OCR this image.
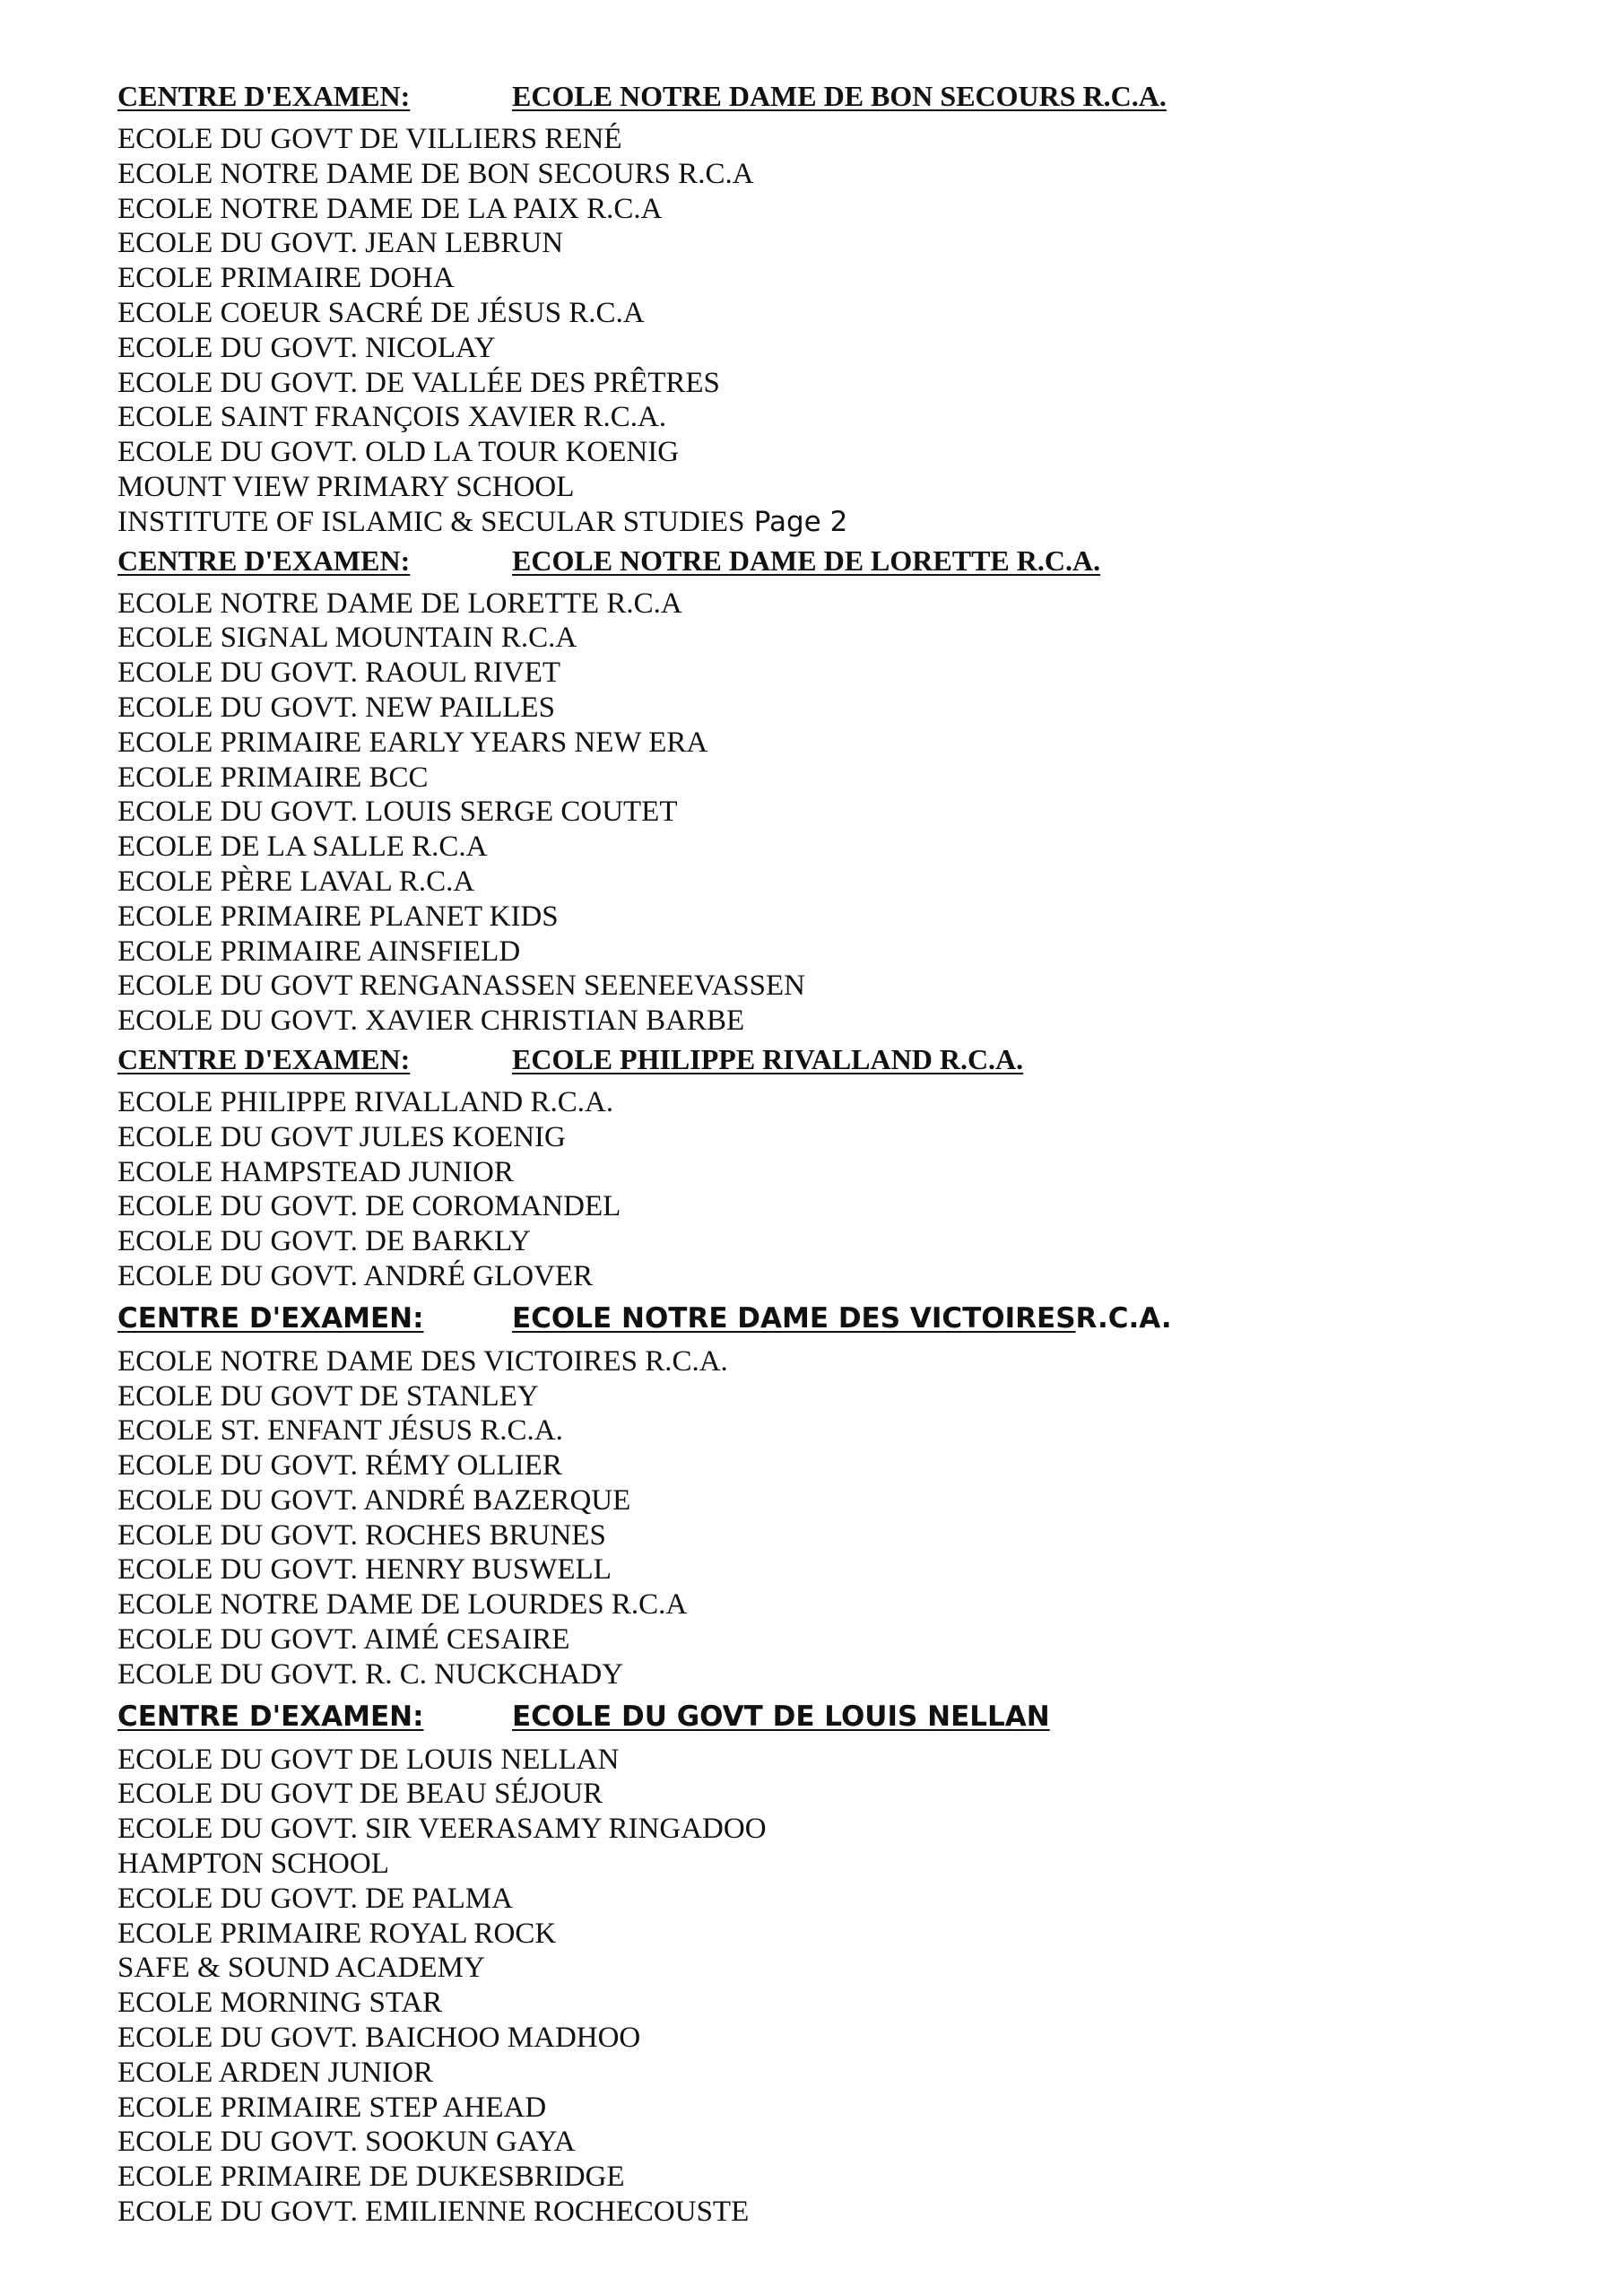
CENTRE D'EXAMEN:	ECOLE NOTRE DAME DE BON SECOURS R.C.A.
ECOLE DU GOVT DE VILLIERS RENÉ
ECOLE NOTRE DAME DE BON SECOURS R.C.A
ECOLE NOTRE DAME DE LA PAIX R.C.A
ECOLE DU GOVT. JEAN LEBRUN
ECOLE PRIMAIRE DOHA
ECOLE COEUR SACRÉ DE JÉSUS R.C.A
ECOLE DU GOVT. NICOLAY
ECOLE DU GOVT. DE VALLÉE DES PRÊTRES
ECOLE SAINT FRANÇOIS XAVIER R.C.A.
ECOLE DU GOVT. OLD LA TOUR KOENIG
MOUNT VIEW PRIMARY SCHOOL
INSTITUTE OF ISLAMIC & SECULAR STUDIES Page 2
CENTRE D'EXAMEN:	ECOLE NOTRE DAME DE LORETTE R.C.A.
ECOLE NOTRE DAME DE LORETTE R.C.A
ECOLE SIGNAL MOUNTAIN R.C.A
ECOLE DU GOVT. RAOUL RIVET
ECOLE DU GOVT. NEW PAILLES
ECOLE PRIMAIRE EARLY YEARS NEW ERA
ECOLE PRIMAIRE BCC
ECOLE DU GOVT. LOUIS SERGE COUTET
ECOLE DE LA SALLE R.C.A
ECOLE PÈRE LAVAL R.C.A
ECOLE PRIMAIRE PLANET KIDS
ECOLE PRIMAIRE AINSFIELD
ECOLE DU GOVT RENGANASSEN SEENEEVASSEN
ECOLE DU GOVT. XAVIER CHRISTIAN BARBE
CENTRE D'EXAMEN:	ECOLE PHILIPPE RIVALLAND R.C.A.
ECOLE PHILIPPE RIVALLAND R.C.A.
ECOLE DU GOVT JULES KOENIG
ECOLE HAMPSTEAD JUNIOR
ECOLE DU GOVT. DE COROMANDEL
ECOLE DU GOVT. DE BARKLY
ECOLE DU GOVT. ANDRÉ GLOVER
CENTRE D'EXAMEN:	ECOLE NOTRE DAME DES VICTOIRES R.C.A.
ECOLE NOTRE DAME DES VICTOIRES R.C.A.
ECOLE DU GOVT DE STANLEY
ECOLE ST. ENFANT JÉSUS R.C.A.
ECOLE DU GOVT. RÉMY OLLIER
ECOLE DU GOVT. ANDRÉ BAZERQUE
ECOLE DU GOVT. ROCHES BRUNES
ECOLE DU GOVT. HENRY BUSWELL
ECOLE NOTRE DAME DE LOURDES R.C.A
ECOLE DU GOVT. AIMÉ CESAIRE
ECOLE DU GOVT. R. C. NUCKCHADY
CENTRE D'EXAMEN:	ECOLE DU GOVT DE LOUIS NELLAN
ECOLE DU GOVT DE LOUIS NELLAN
ECOLE DU GOVT DE BEAU SÉJOUR
ECOLE DU GOVT. SIR VEERASAMY RINGADOO
HAMPTON SCHOOL
ECOLE DU GOVT. DE PALMA
ECOLE PRIMAIRE ROYAL ROCK
SAFE & SOUND ACADEMY
ECOLE MORNING STAR
ECOLE DU GOVT. BAICHOO MADHOO
ECOLE ARDEN JUNIOR
ECOLE PRIMAIRE STEP AHEAD
ECOLE DU GOVT. SOOKUN GAYA
ECOLE PRIMAIRE DE DUKESBRIDGE
ECOLE DU GOVT. EMILIENNE ROCHECOUSTE
